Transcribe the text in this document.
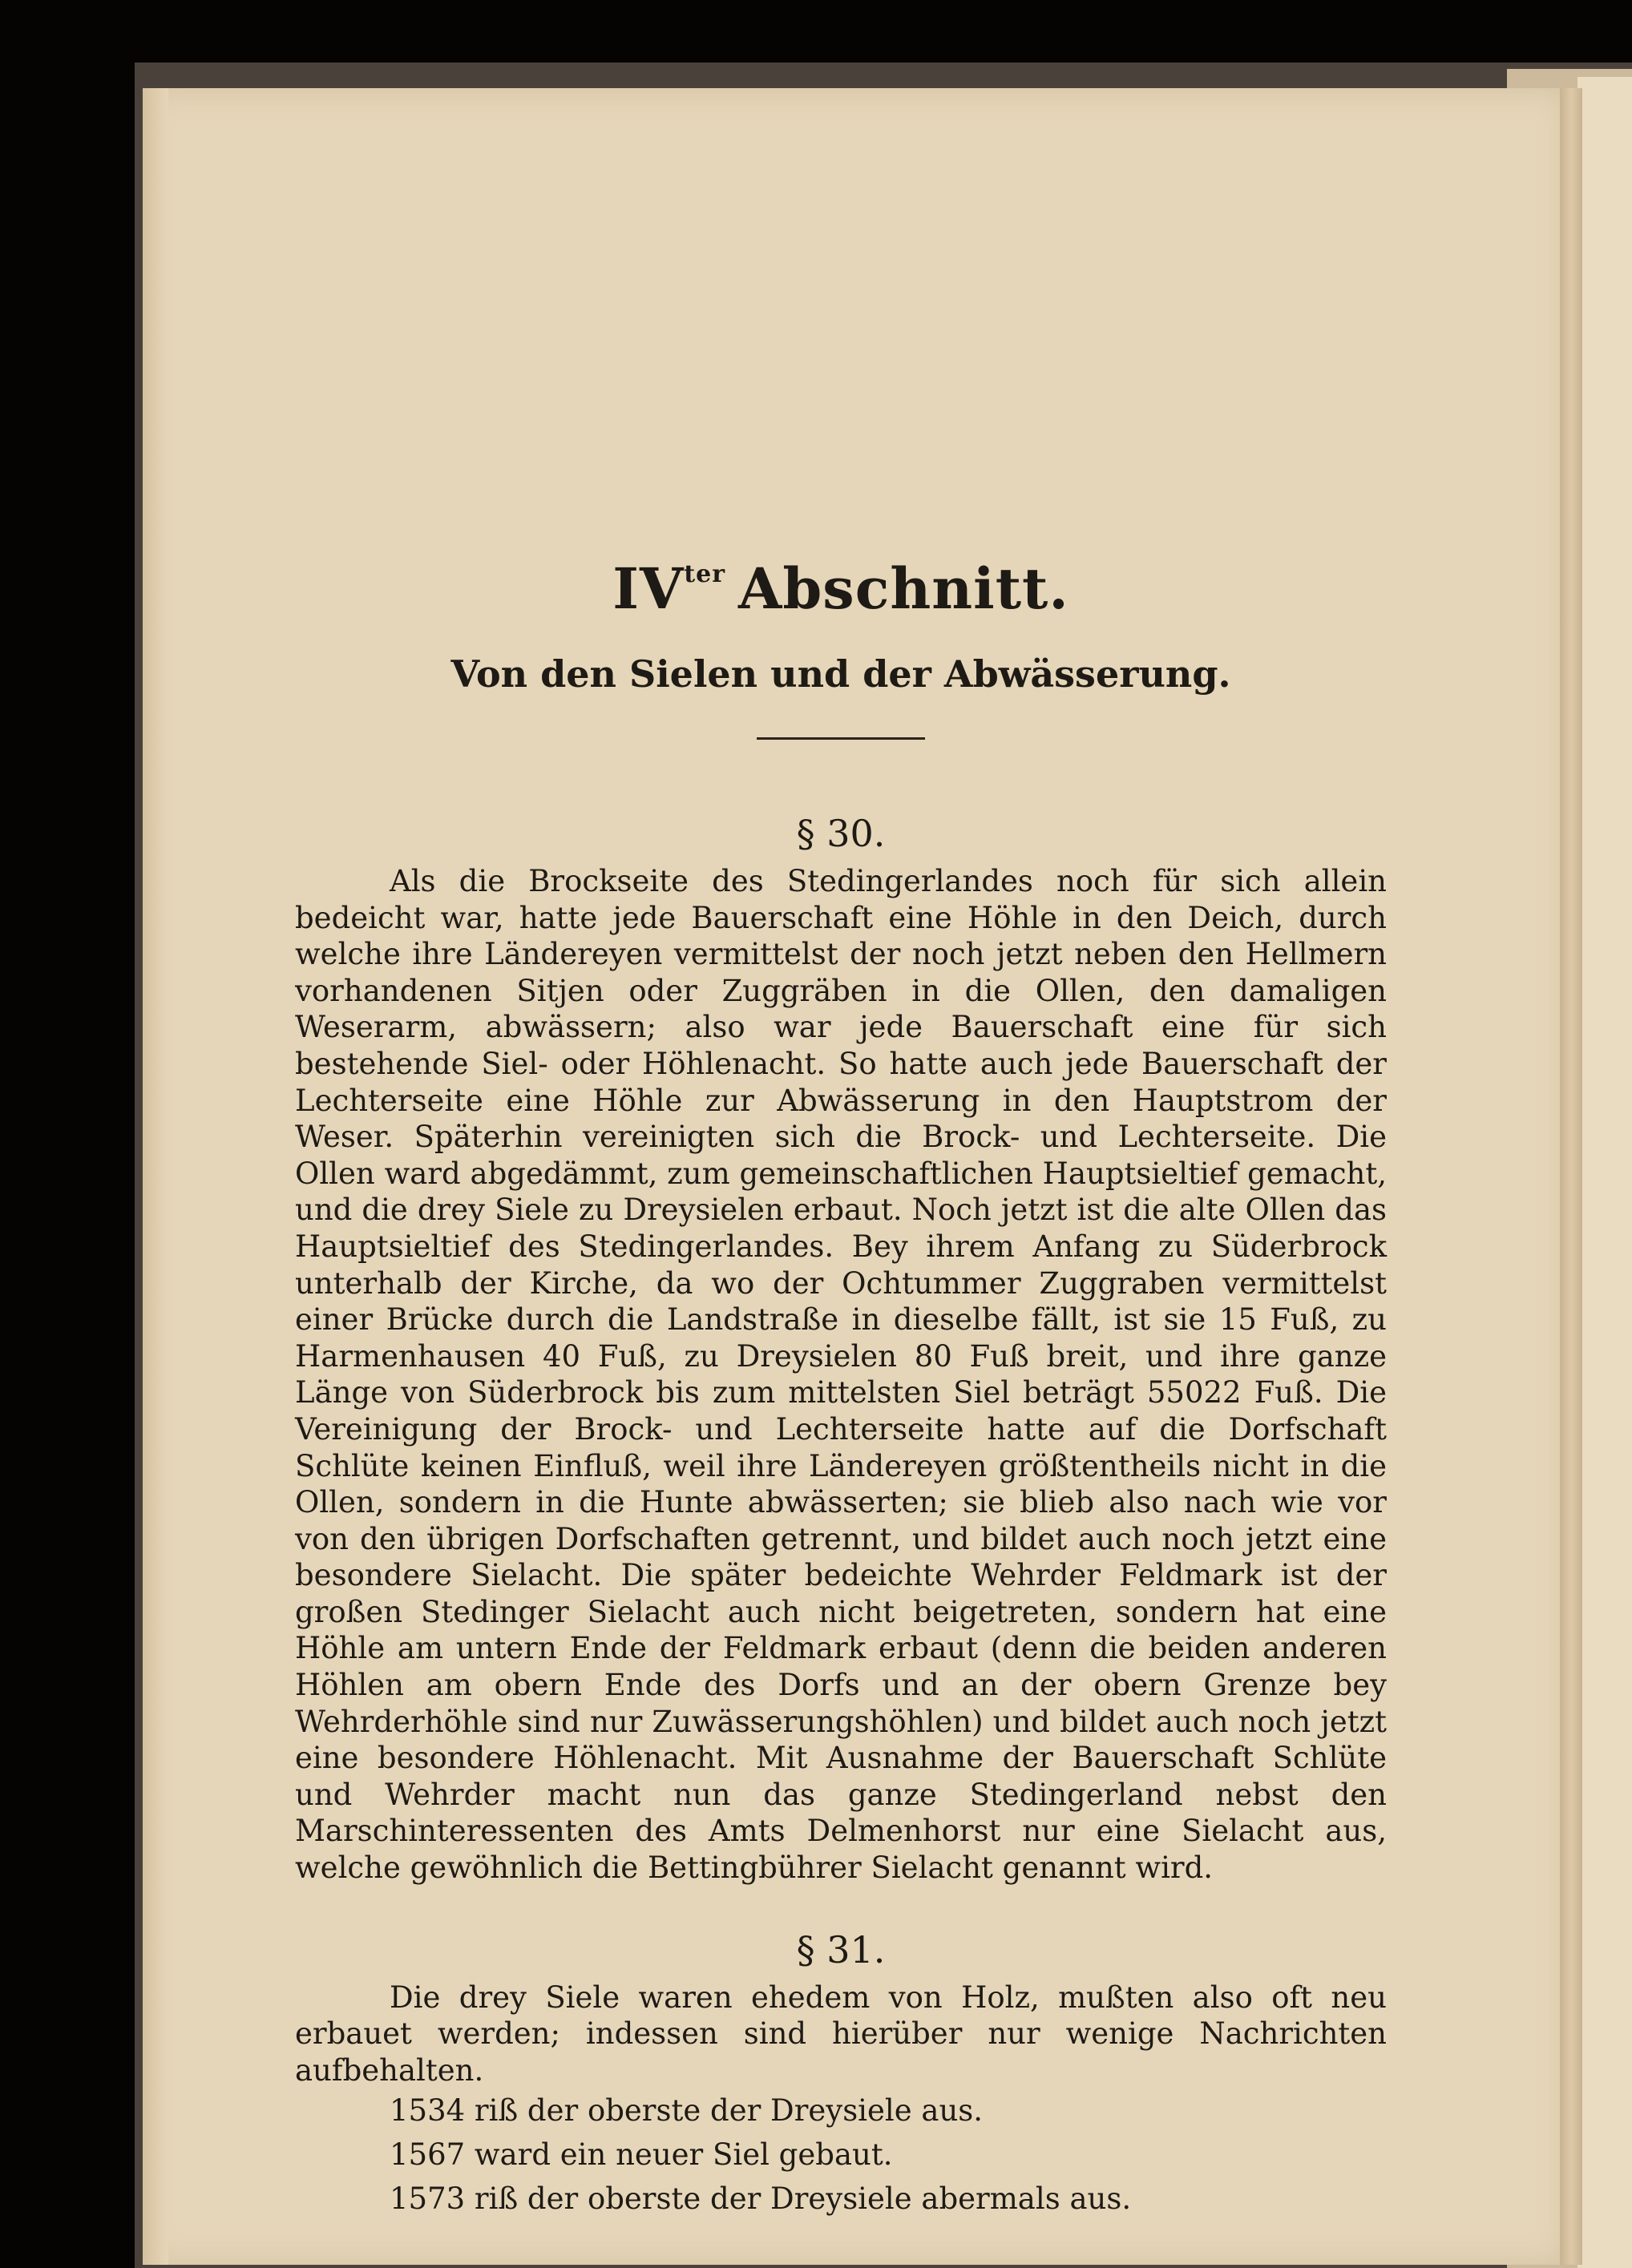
$IV^{ter}$ Abschnitt.
Von den Sielen und der Abwässerung.
§ 30.

Als die Brockseite des Stedingerlandes noch für sich allein bedeicht war, hatte jede Bauerschaft eine Höhle in den Deich, durch welche ihre Ländereyen vermittelst der noch jetzt neben den Hellmern vorhandenen Sitjen oder Zuggräben in die Ollen, den damaligen Weserarm, abwässern; also war jede Bauerschaft eine für sich bestehende Siel- oder Höhlenacht. So hatte auch jede Bauerschaft der Lechterseite eine Höhle zur Abwässerung in den Hauptstrom der Weser. Späterhin vereinigten sich die Brock- und Lechterseite. Die Ollen ward abgedämmt, zum gemeinschaftlichen Hauptsieltief gemacht, und die drey Siele zu Dreysielen erbaut. Noch jetzt ist die alte Ollen das Hauptsieltief des Stedingerlandes. Bey ihrem Anfang zu Süderbrock unterhalb der Kirche, da wo der Ochtummer Zuggraben vermittelst einer Brücke durch die Landstraße in dieselbe fällt, ist sie 15 Fuß, zu Harmenhausen 40 Fuß, zu Dreysielen 80 Fuß breit, und ihre ganze Länge von Süderbrock bis zum mittelsten Siel beträgt 55022 Fuß. Die Vereinigung der Brock- und Lechterseite hatte auf die Dorfschaft Schlüte keinen Einfluß, weil ihre Ländereyen größtentheils nicht in die Ollen, sondern in die Hunte abwässerten; sie blieb also nach wie vor von den übrigen Dorfschaften getrennt, und bildet auch noch jetzt eine besondere Sielacht. Die später bedeichte Wehrder Feldmark ist der großen Stedinger Sielacht auch nicht beigetreten, sondern hat eine Höhle am untern Ende der Feldmark erbaut (denn die beiden anderen Höhlen am obern Ende des Dorfs und an der obern Grenze bey Wehrderhöhle sind nur Zuwässerungshöhlen) und bildet auch noch jetzt eine besondere Höhlenacht. Mit Ausnahme der Bauerschaft Schlüte und Wehrder macht nun das ganze Stedingerland nebst den Marschinteressenten des Amts Delmenhorst nur eine Sielacht aus, welche gewöhnlich die Bettingbührer Sielacht genannt wird.

§ 31.

Die drey Siele waren ehedem von Holz, mußten also oft neu erbauet werden; indessen sind hierüber nur wenige Nachrichten aufbehalten.

1534 riß der oberste der Dreysiele aus.

1567 ward ein neuer Siel gebaut.

1573 riß der oberste der Dreysiele abermals aus.
